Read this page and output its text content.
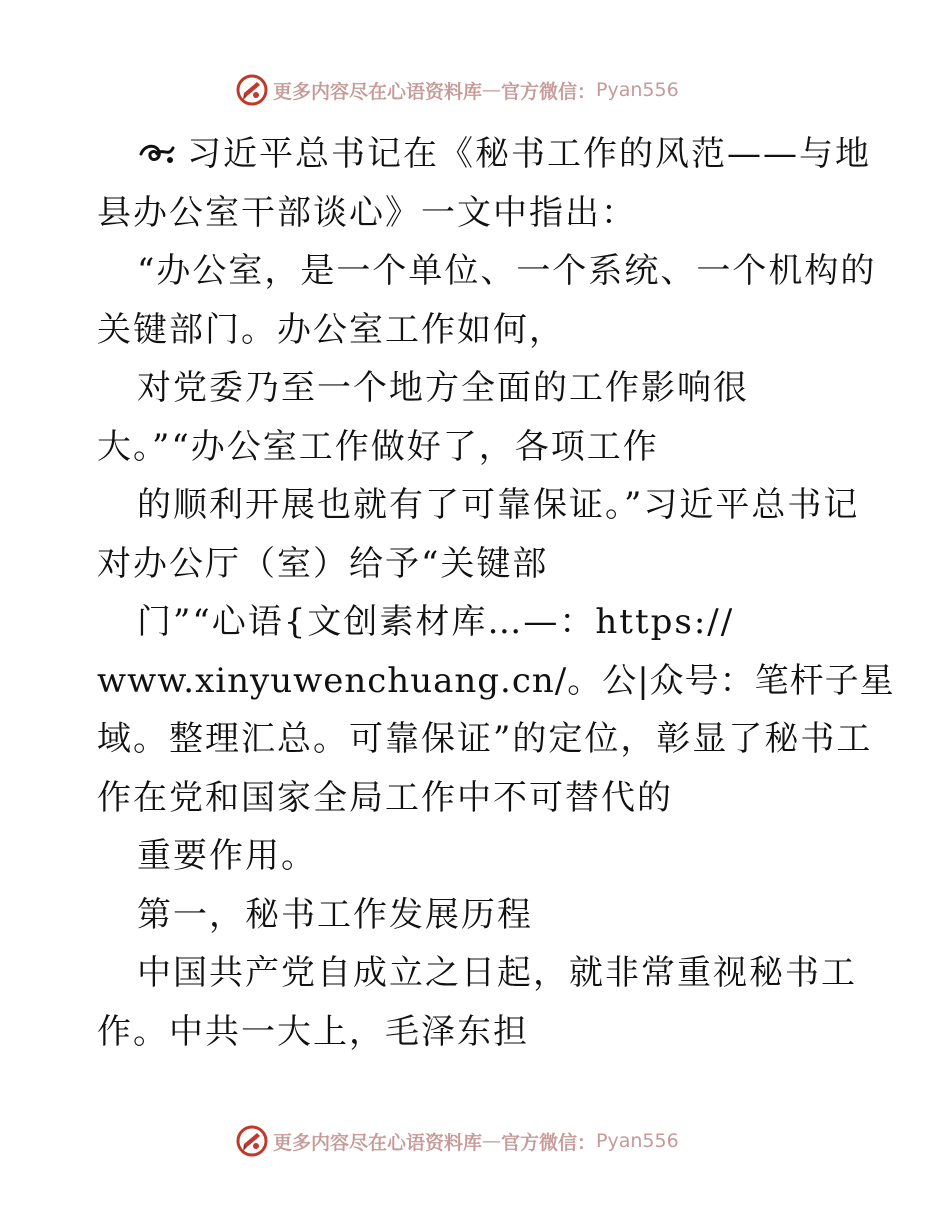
更多内容尽在心语资料库 — 官方微信： Pyan556
习近平总书记在《秘书工作的风范——与地
县办公室干部谈心》一文中指出：
“办公室，是一个单位、一个系统、一个机构的
关键部门。办公室工作如何，
对党委乃至一个地方全面的工作影响很
大。”“办公室工作做好了，各项工作
的顺利开展也就有了可靠保证。”习近平总书记
对办公厅（室）给予“关键部
门”“心语{文创素材库…—：https://
www.xinyuwenchuang.cn/。公|众号：笔杆子星
域。整理汇总。可靠保证”的定位，彰显了秘书工
作在党和国家全局工作中不可替代的
重要作用。
第一，秘书工作发展历程
中国共产党自成立之日起，就非常重视秘书工
作。中共一大上，毛泽东担
更多内容尽在心语资料库 — 官方微信： Pyan556
